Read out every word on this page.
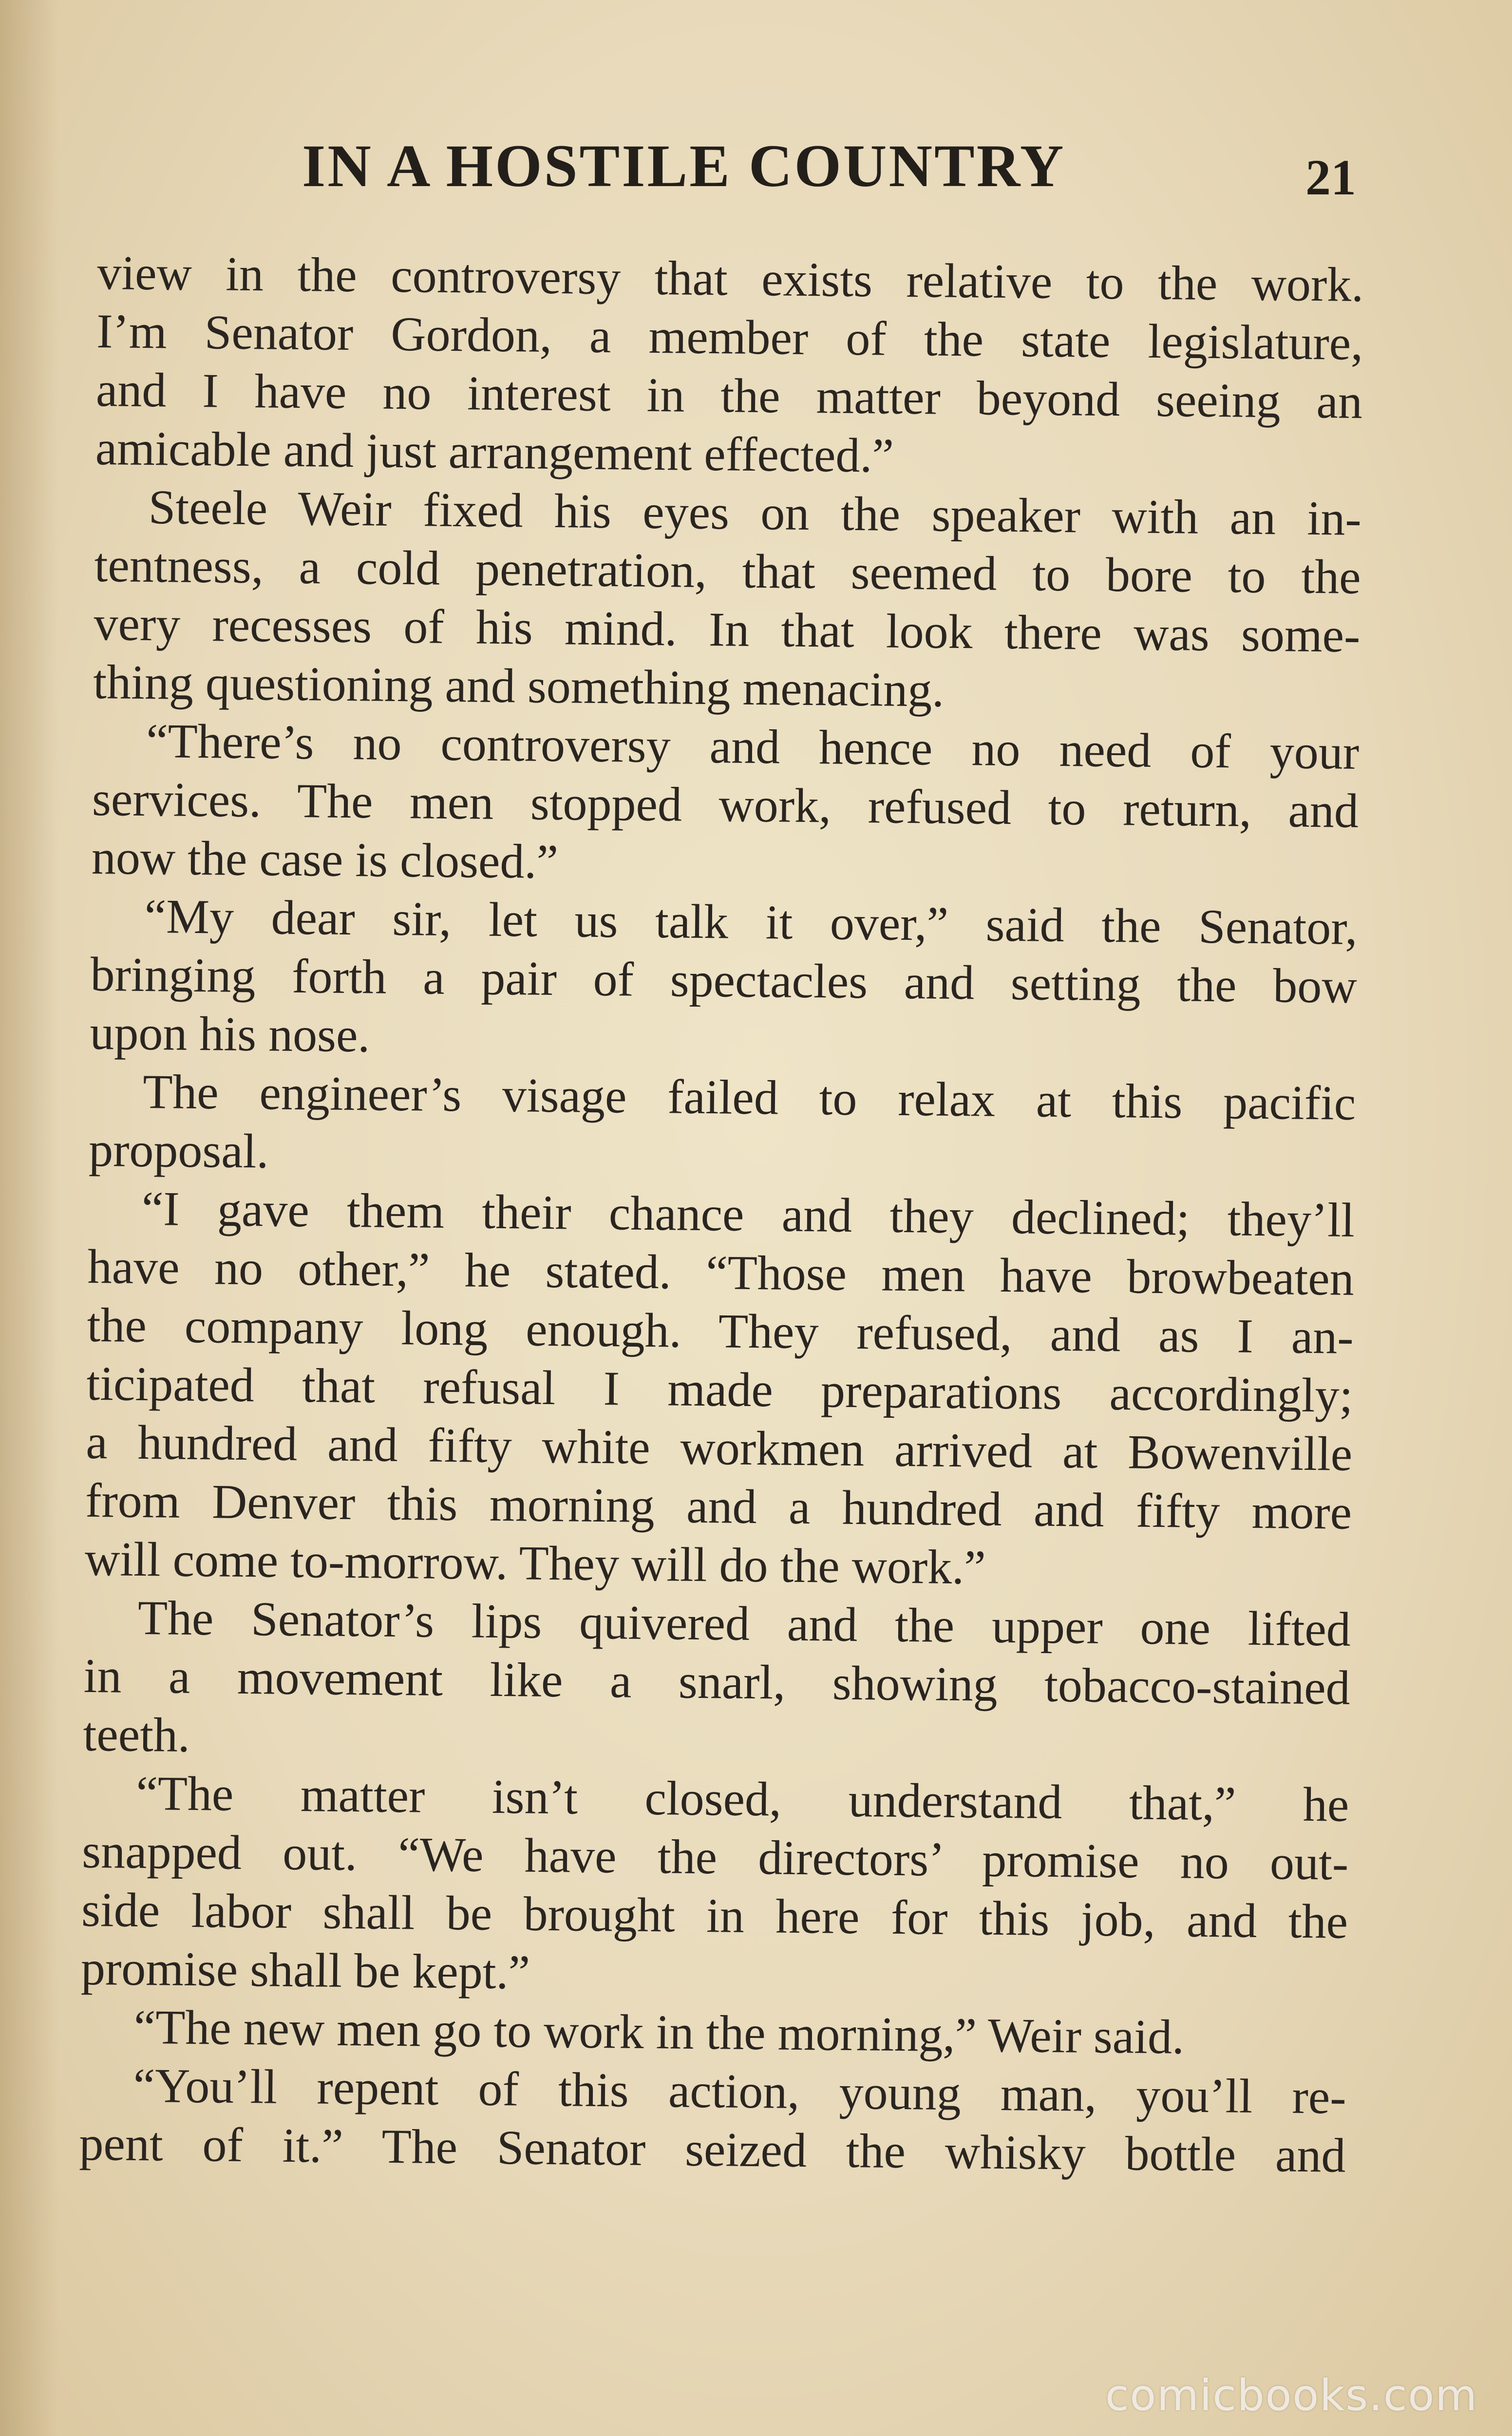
IN A HOSTILE COUNTRY	21
view in the controversy that exists relative to the work.
I’m Senator Gordon, a member of the state legislature,
and I have no interest in the matter beyond seeing an
amicable and just arrangement effected.”
Steele Weir fixed his eyes on the speaker with an in-
tentness, a cold penetration, that seemed to bore to the
very recesses of his mind. In that look there was some-
thing questioning and something menacing.
“There’s no controversy and hence no need of your
services. The men stopped work, refused to return, and
now the case is closed.”
“My dear sir, let us talk it over,” said the Senator,
bringing forth a pair of spectacles and setting the bow
upon his nose.
The engineer’s visage failed to relax at this pacific
proposal.
“I gave them their chance and they declined; they’ll
have no other,” he stated. “Those men have browbeaten
the company long enough. They refused, and as I an-
ticipated that refusal I made preparations accordingly;
a hundred and fifty white workmen arrived at Bowenville
from Denver this morning and a hundred and fifty more
will come to-morrow. They will do the work.”
The Senator’s lips quivered and the upper one lifted
in a movement like a snarl, showing tobacco-stained
teeth.
“The matter isn’t closed, understand that,” he
snapped out. “We have the directors’ promise no out-
side labor shall be brought in here for this job, and the
promise shall be kept.”
“The new men go to work in the morning,” Weir said.
“You’ll repent of this action, young man, you’ll re-
pent of it.” The Senator seized the whisky bottle and
comicbooks.com
